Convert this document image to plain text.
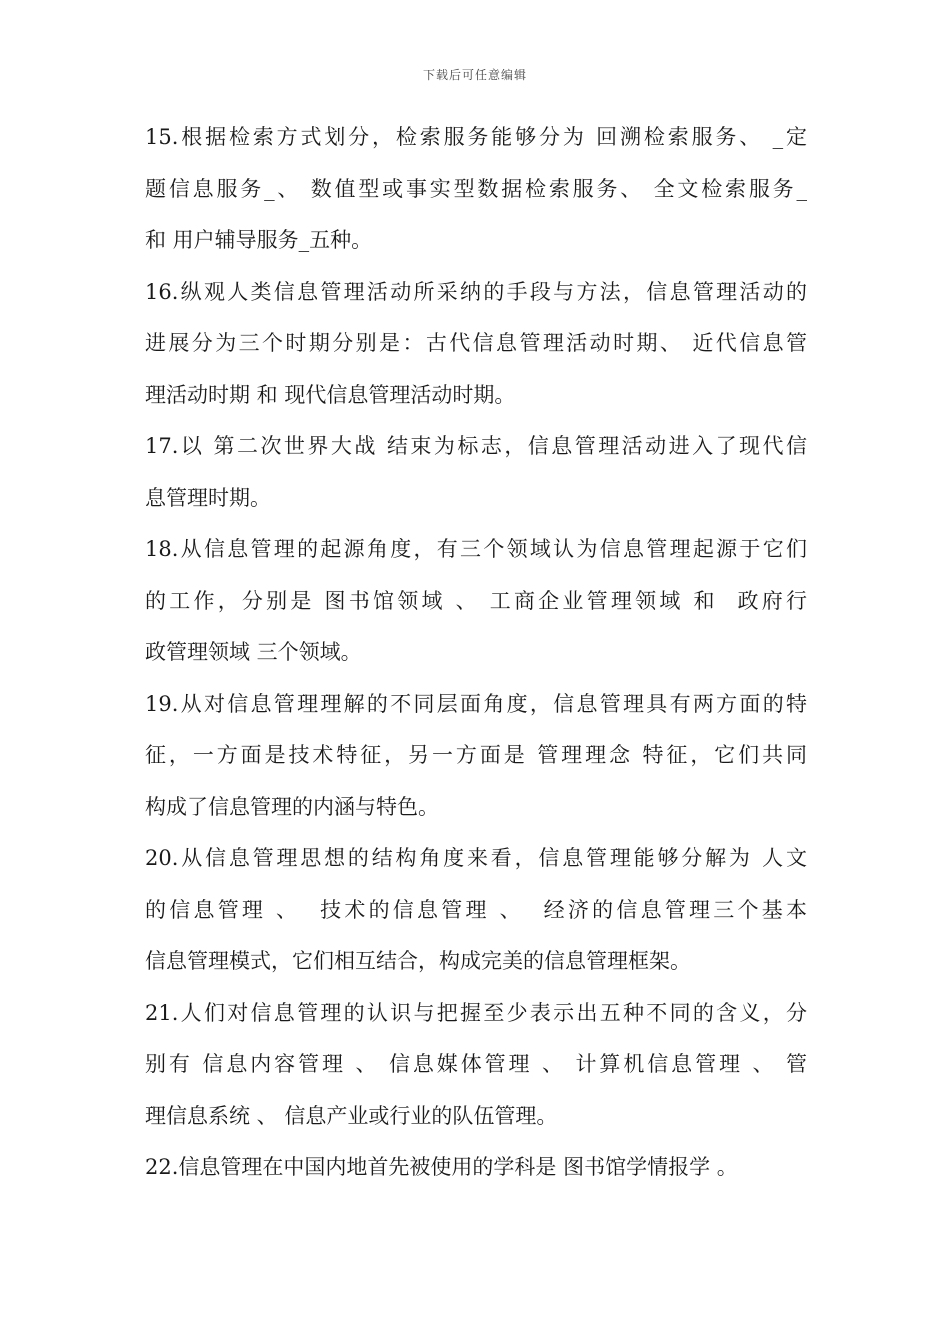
下载后可任意编辑
15.根据检索方式划分，检索服务能够分为 回溯检索服务、 _定
题信息服务_、 数值型或事实型数据检索服务、 全文检索服务_
和 用户辅导服务_五种。
16.纵观人类信息管理活动所采纳的手段与方法，信息管理活动的
进展分为三个时期分别是：古代信息管理活动时期、 近代信息管
理活动时期 和 现代信息管理活动时期。
17.以 第二次世界大战 结束为标志，信息管理活动进入了现代信
息管理时期。
18.从信息管理的起源角度，有三个领域认为信息管理起源于它们
的工作，分别是 图书馆领域 、 工商企业管理领域 和  政府行
政管理领域 三个领域。
19.从对信息管理理解的不同层面角度，信息管理具有两方面的特
征，一方面是技术特征，另一方面是 管理理念 特征，它们共同
构成了信息管理的内涵与特色。
20.从信息管理思想的结构角度来看，信息管理能够分解为 人文
的信息管理 、  技术的信息管理 、  经济的信息管理三个基本
信息管理模式，它们相互结合，构成完美的信息管理框架。
21.人们对信息管理的认识与把握至少表示出五种不同的含义，分
别有 信息内容管理 、 信息媒体管理 、 计算机信息管理 、 管
理信息系统 、 信息产业或行业的队伍管理。
22.信息管理在中国内地首先被使用的学科是 图书馆学情报学 。
